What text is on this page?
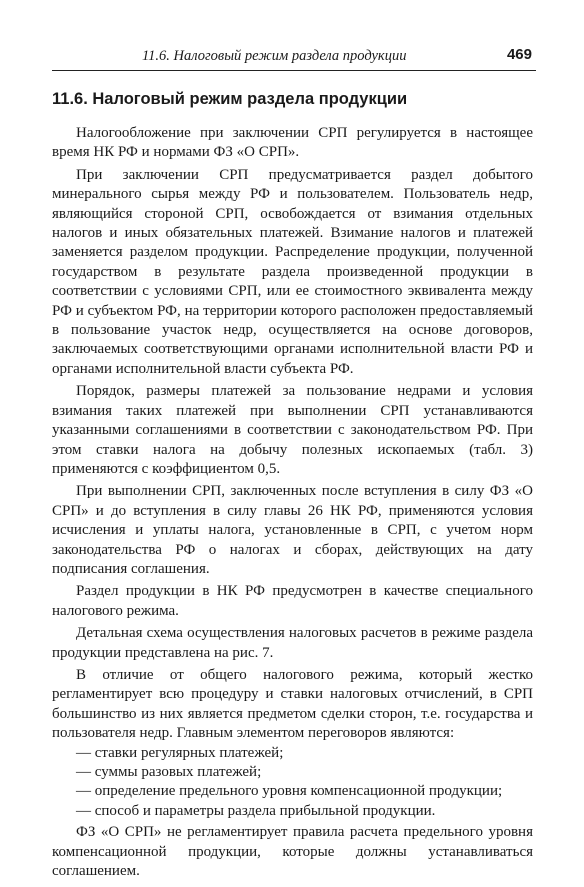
11.6. Налоговый режим раздела продукции	469
11.6. Налоговый режим раздела продукции

Налогообложение при заключении СРП регулируется в настоящее время НК РФ и нормами ФЗ «О СРП».

При заключении СРП предусматривается раздел добытого минерального сырья между РФ и пользователем. Пользователь недр, являющийся стороной СРП, освобождается от взимания отдельных налогов и иных обязательных платежей. Взимание налогов и платежей заменяется разделом продукции. Распределение продукции, полученной государством в результате раздела произведенной продукции в соответствии с условиями СРП, или ее стоимостного эквивалента между РФ и субъектом РФ, на территории которого расположен предоставляемый в пользование участок недр, осуществляется на основе договоров, заключаемых соответствующими органами исполнительной власти РФ и органами исполнительной власти субъекта РФ.

Порядок, размеры платежей за пользование недрами и условия взимания таких платежей при выполнении СРП устанавливаются указанными соглашениями в соответствии с законодательством РФ. При этом ставки налога на добычу полезных ископаемых (табл. 3) применяются с коэффициентом 0,5.

При выполнении СРП, заключенных после вступления в силу ФЗ «О СРП» и до вступления в силу главы 26 НК РФ, применяются условия исчисления и уплаты налога, установленные в СРП, с учетом норм законодательства РФ о налогах и сборах, действующих на дату подписания соглашения.

Раздел продукции в НК РФ предусмотрен в качестве специального налогового режима.

Детальная схема осуществления налоговых расчетов в режиме раздела продукции представлена на рис. 7.

В отличие от общего налогового режима, который жестко регламентирует всю процедуру и ставки налоговых отчислений, в СРП большинство из них является предметом сделки сторон, т.е. государства и пользователя недр. Главным элементом переговоров являются:

— ставки регулярных платежей;

— суммы разовых платежей;

— определение предельного уровня компенсационной продукции;

— способ и параметры раздела прибыльной продукции.

ФЗ «О СРП» не регламентирует правила расчета предельного уровня компенсационной продукции, которые должны устанавливаться соглашением.
